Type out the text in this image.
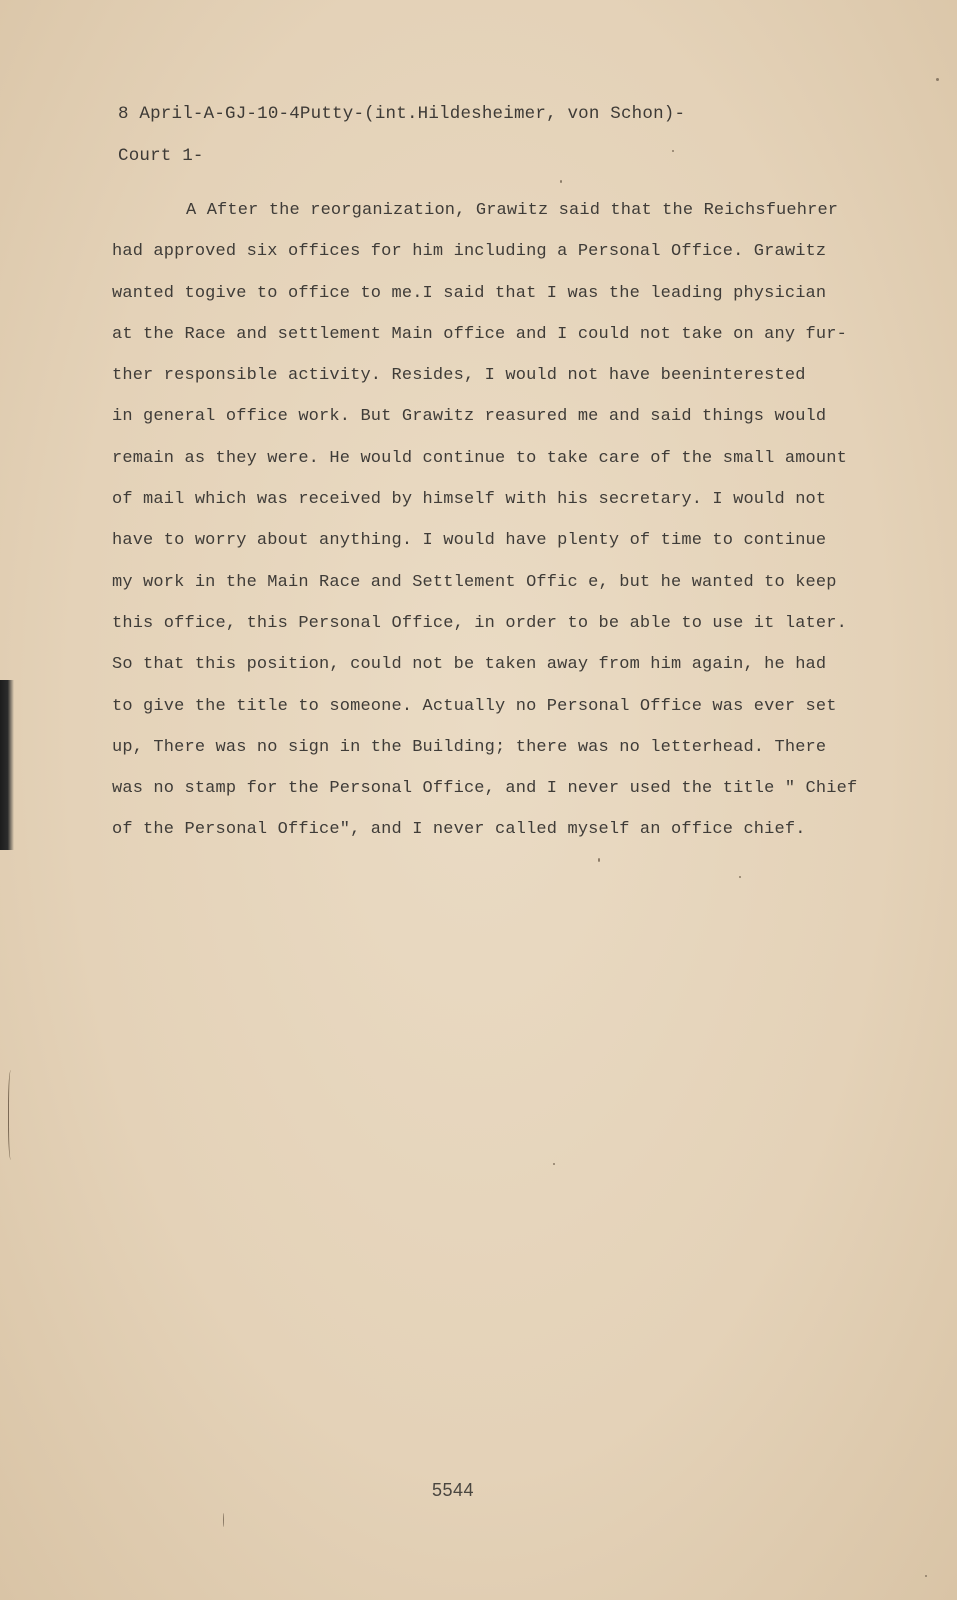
8 April-A-GJ-10-4Putty-(int.Hildesheimer, von Schon)-
Court 1-
A After the reorganization, Grawitz said that the Reichsfuehrer
had approved six offices for him including a Personal Office. Grawitz
wanted togive to office to me.I said that I was the leading physician
at the Race and settlement Main office and I could not take on any fur-
ther responsible activity. Resides, I would not have beeninterested
in general office work. But Grawitz reasured me and said things would
remain as they were. He would continue to take care of the small amount
of mail which was received by himself with his secretary. I would not
have to worry about anything. I would have plenty of time to continue
my work in the Main Race and Settlement Offic e, but he wanted to keep
this office, this Personal Office, in order to be able to use it later.
So that this position, could not be taken away from him again, he had
to give the title to someone. Actually no Personal Office was ever set
up, There was no sign in the Building; there was no letterhead. There
was no stamp for the Personal Office, and I never used the title " Chief
of the Personal Office", and I never called myself an office chief.
5544
